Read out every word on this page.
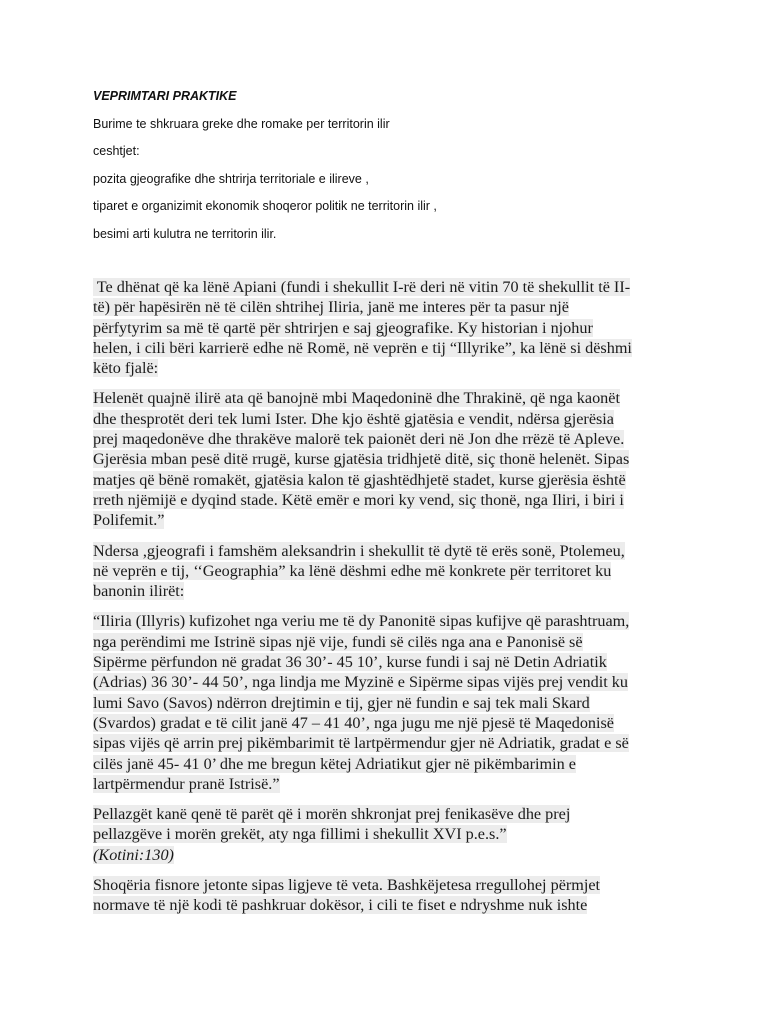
VEPRIMTARI PRAKTIKE
Burime te shkruara greke dhe romake per territorin ilir
ceshtjet:
pozita gjeografike dhe shtrirja territoriale e ilireve ,
tiparet e organizimit ekonomik shoqeror politik ne territorin ilir ,
besimi arti kulutra ne territorin ilir.
Te dhënat që ka lënë Apiani (fundi i shekullit I-rë deri në vitin 70 të shekullit të II-
të) për hapësirën në të cilën shtrihej Iliria, janë me interes për ta pasur një
përfytyrim sa më të qartë për shtrirjen e saj gjeografike. Ky historian i njohur
helen, i cili bëri karrierë edhe në Romë, në veprën e tij “Illyrike”, ka lënë si dëshmi
këto fjalë:
Helenët quajnë ilirë ata që banojnë mbi Maqedoninë dhe Thrakinë, që nga kaonët
dhe thesprotët deri tek lumi Ister. Dhe kjo është gjatësia e vendit, ndërsa gjerësia
prej maqedonëve dhe thrakëve malorë tek paionët deri në Jon dhe rrëzë të Apleve.
Gjerësia mban pesë ditë rrugë, kurse gjatësia tridhjetë ditë, siç thonë helenët. Sipas
matjes që bënë romakët, gjatësia kalon të gjashtëdhjetë stadet, kurse gjerësia është
rreth njëmijë e dyqind stade. Këtë emër e mori ky vend, siç thonë, nga Iliri, i biri i
Polifemit.”
Ndersa ,gjeografi i famshëm aleksandrin i shekullit të dytë të erës sonë, Ptolemeu,
në veprën e tij, ‘‘Geographia” ka lënë dëshmi edhe më konkrete për territoret ku
banonin ilirët:
“Iliria (Illyris) kufizohet nga veriu me të dy Panonitë sipas kufijve që parashtruam,
nga perëndimi me Istrinë sipas një vije, fundi së cilës nga ana e Panonisë së
Sipërme përfundon në gradat 36 30’- 45 10’, kurse fundi i saj në Detin Adriatik
(Adrias) 36 30’- 44 50’, nga lindja me Myzinë e Sipërme sipas vijës prej vendit ku
lumi Savo (Savos) ndërron drejtimin e tij, gjer në fundin e saj tek mali Skard
(Svardos) gradat e të cilit janë 47 – 41 40’, nga jugu me një pjesë të Maqedonisë
sipas vijës që arrin prej pikëmbarimit të lartpërmendur gjer në Adriatik, gradat e së
cilës janë 45- 41 0’ dhe me bregun këtej Adriatikut gjer në pikëmbarimin e
lartpërmendur pranë Istrisë.”
Pellazgët kanë qenë të parët që i morën shkronjat prej fenikasëve dhe prej
pellazgëve i morën grekët, aty nga fillimi i shekullit XVI p.e.s.”
(Kotini:130)
Shoqëria fisnore jetonte sipas ligjeve të veta. Bashkëjetesa rregullohej përmjet
normave të një kodi të pashkruar dokësor, i cili te fiset e ndryshme nuk ishte
